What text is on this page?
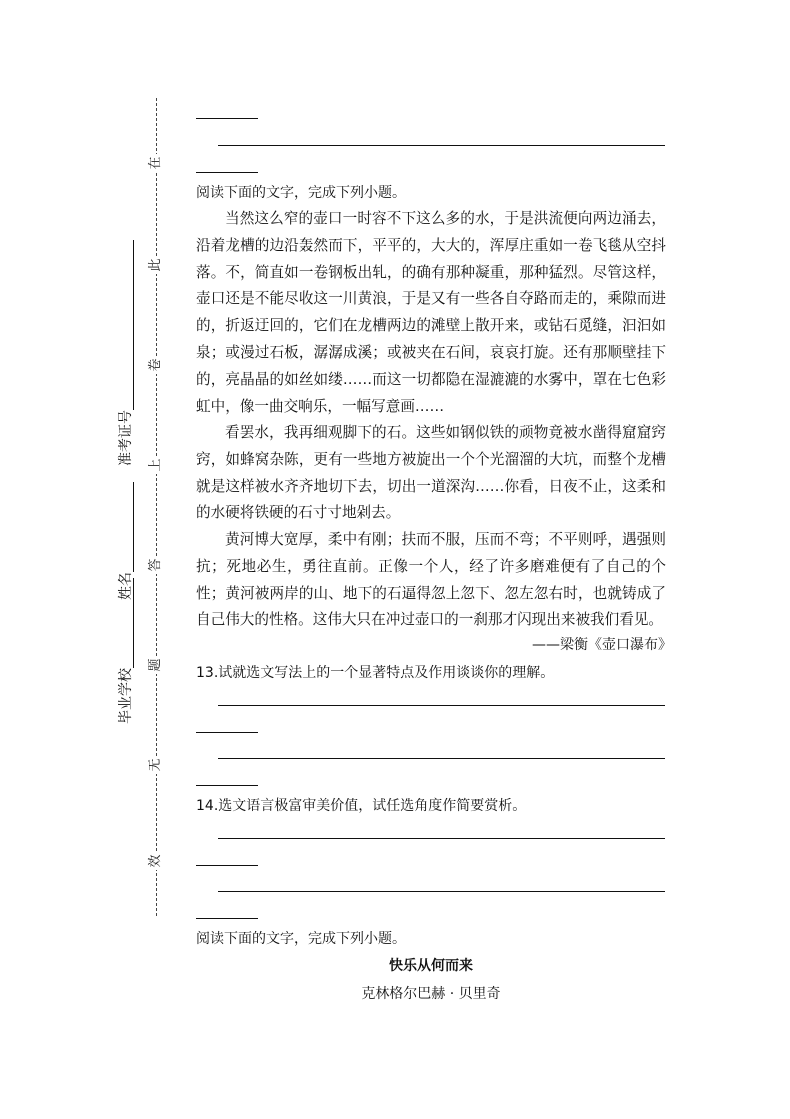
在
此
卷
上
答
题
无
效
准考证号
姓名
毕业学校
阅读下面的文字，完成下列小题。
当然这么窄的壶口一时容不下这么多的水，于是洪流便向两边涌去，沿着龙槽的边沿轰然而下，平平的，大大的，浑厚庄重如一卷飞毯从空抖落。不，简直如一卷钢板出轧，的确有那种凝重，那种猛烈。尽管这样，壶口还是不能尽收这一川黄浪，于是又有一些各自夺路而走的，乘隙而进的，折返迂回的，它们在龙槽两边的滩壁上散开来，或钻石觅缝，汩汩如泉；或漫过石板，潺潺成溪；或被夹在石间，哀哀打旋。还有那顺壁挂下的，亮晶晶的如丝如缕……而这一切都隐在湿漉漉的水雾中，罩在七色彩虹中，像一曲交响乐，一幅写意画……
看罢水，我再细观脚下的石。这些如钢似铁的顽物竟被水凿得窟窟窍窍，如蜂窝杂陈，更有一些地方被旋出一个个光溜溜的大坑，而整个龙槽就是这样被水齐齐地切下去，切出一道深沟……你看，日夜不止，这柔和的水硬将铁硬的石寸寸地剁去。
黄河博大宽厚，柔中有刚；扶而不服，压而不弯；不平则呼，遇强则抗；死地必生，勇往直前。正像一个人，经了许多磨难便有了自己的个性；黄河被两岸的山、地下的石逼得忽上忽下、忽左忽右时，也就铸成了自己伟大的性格。这伟大只在冲过壶口的一刹那才闪现出来被我们看见。
——梁衡《壶口瀑布》
13.试就选文写法上的一个显著特点及作用谈谈你的理解。
14.选文语言极富审美价值，试任选角度作简要赏析。
阅读下面的文字，完成下列小题。
快乐从何而来
克林格尔巴赫 · 贝里奇
